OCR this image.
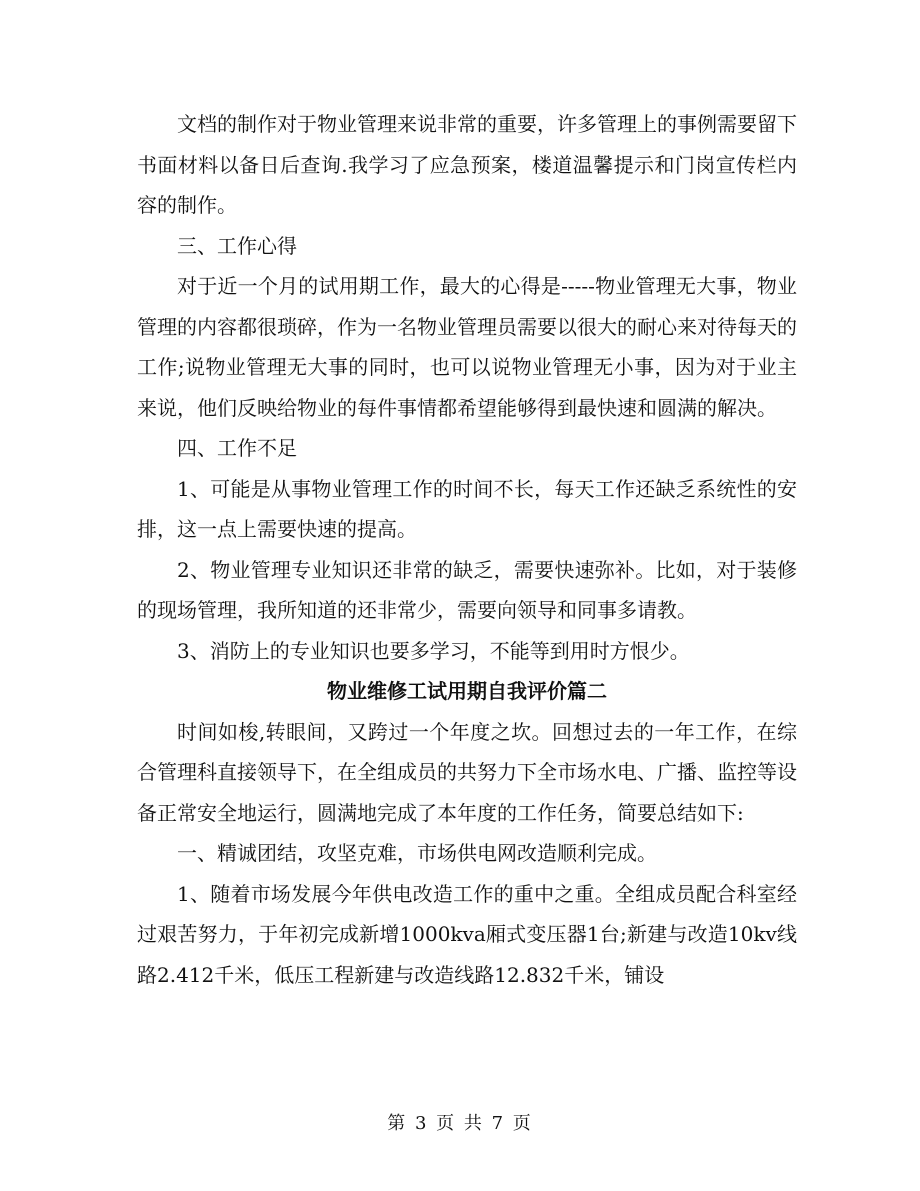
文档的制作对于物业管理来说非常的重要，许多管理上的事例需要留下书面材料以备日后查询.我学习了应急预案，楼道温馨提示和门岗宣传栏内容的制作。

三、工作心得

对于近一个月的试用期工作，最大的心得是-----物业管理无大事，物业管理的内容都很琐碎，作为一名物业管理员需要以很大的耐心来对待每天的工作;说物业管理无大事的同时，也可以说物业管理无小事，因为对于业主来说，他们反映给物业的每件事情都希望能够得到最快速和圆满的解决。

四、工作不足

1、可能是从事物业管理工作的时间不长，每天工作还缺乏系统性的安排，这一点上需要快速的提高。

2、物业管理专业知识还非常的缺乏，需要快速弥补。比如，对于装修的现场管理，我所知道的还非常少，需要向领导和同事多请教。

3、消防上的专业知识也要多学习，不能等到用时方恨少。

物业维修工试用期自我评价篇二

时间如梭,转眼间，又跨过一个年度之坎。回想过去的一年工作，在综合管理科直接领导下，在全组成员的共努力下全市场水电、广播、监控等设备正常安全地运行，圆满地完成了本年度的工作任务，简要总结如下:

一、精诚团结，攻坚克难，市场供电网改造顺利完成。

1、随着市场发展今年供电改造工作的重中之重。全组成员配合科室经过艰苦努力，于年初完成新增1000kva厢式变压器1台;新建与改造10kv线路2.412千米，低压工程新建与改造线路12.832千米，铺设

第 3 页 共 7 页
